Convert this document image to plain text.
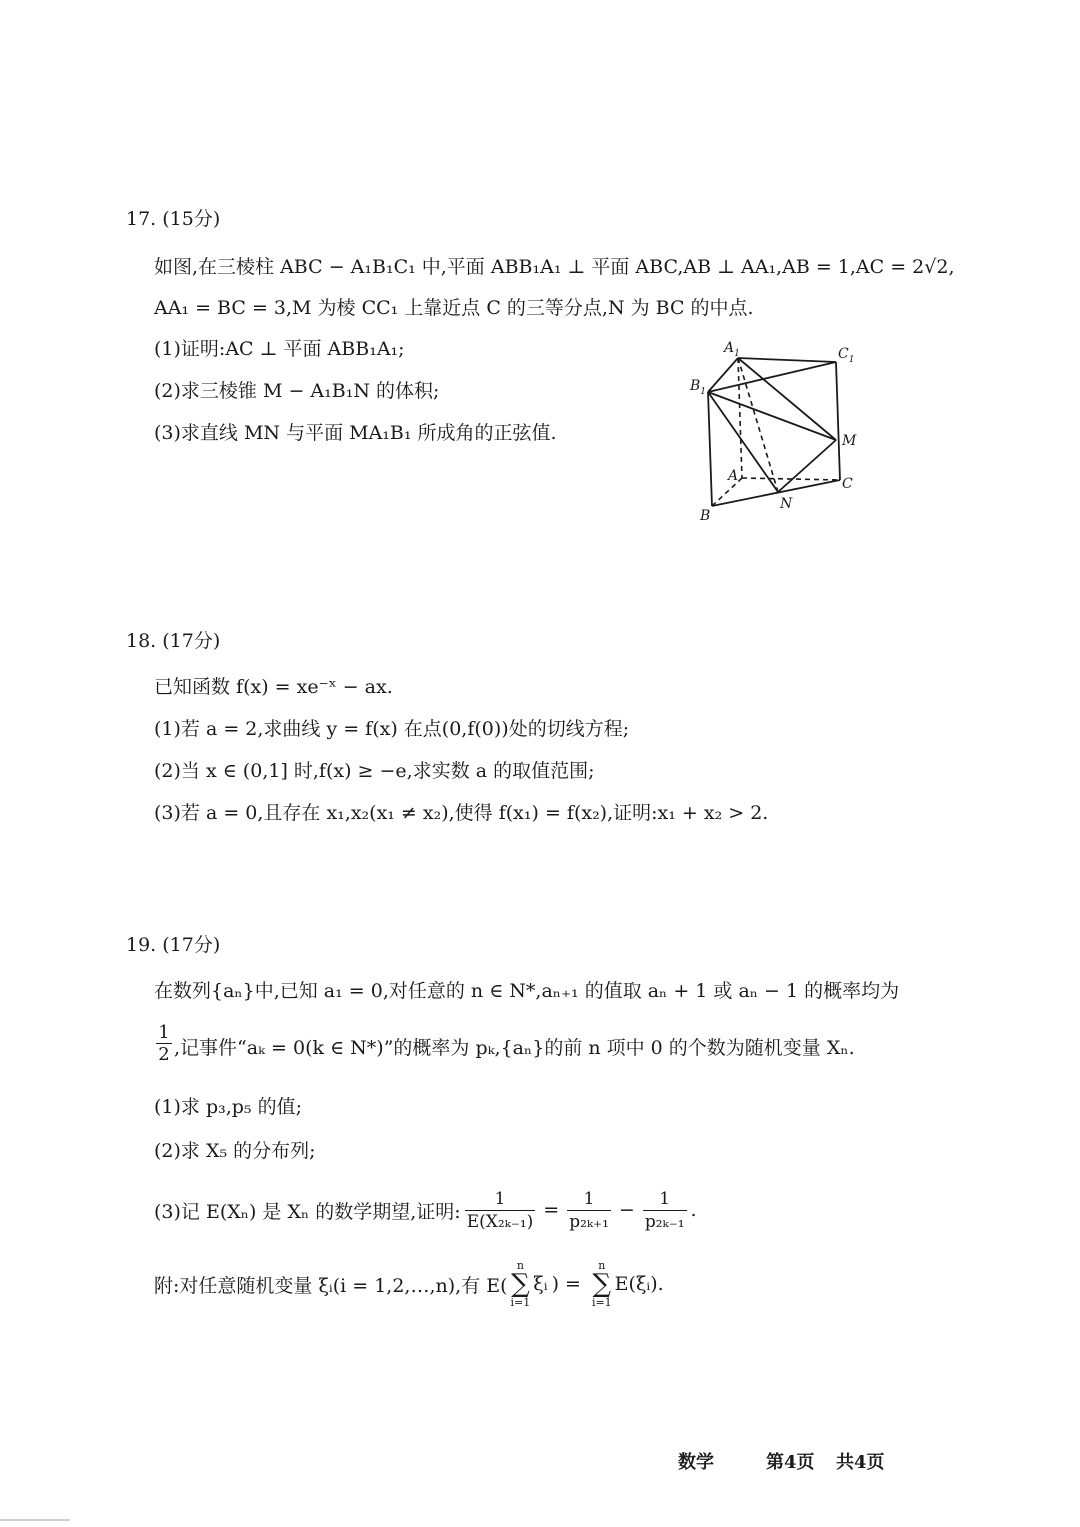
17. (15分)
如图,在三棱柱 ABC − A₁B₁C₁ 中,平面 ABB₁A₁ ⊥ 平面 ABC,AB ⊥ AA₁,AB = 1,AC = 2√2,
AA₁ = BC = 3,M 为棱 CC₁ 上靠近点 C 的三等分点,N 为 BC 的中点.
(1)证明:AC ⊥ 平面 ABB₁A₁;
(2)求三棱锥 M − A₁B₁N 的体积;
(3)求直线 MN 与平面 MA₁B₁ 所成角的正弦值.
$A_1$	$C_1$
$B_1$
M
A	C
N
B
18. (17分)
已知函数 f(x) = xe⁻ˣ − ax.
(1)若 a = 2,求曲线 y = f(x) 在点(0,f(0))处的切线方程;
(2)当 x ∈ (0,1] 时,f(x) ≥ −e,求实数 a 的取值范围;
(3)若 a = 0,且存在 x₁,x₂(x₁ ≠ x₂),使得 f(x₁) = f(x₂),证明:x₁ + x₂ > 2.
19. (17分)
在数列{aₙ}中,已知 a₁ = 0,对任意的 n ∈ N*,aₙ₊₁ 的值取 aₙ + 1 或 aₙ − 1 的概率均为
1
2 ,记事件“aₖ = 0(k ∈ N*)”的概率为 pₖ,{aₙ}的前 n 项中 0 的个数为随机变量 Xₙ.
(1)求 p₃,p₅ 的值;
(2)求 X₅ 的分布列;
(3)记 E(Xₙ) 是 Xₙ 的数学期望,证明:
1
E(X₂ₖ₋₁)
=
1
p₂ₖ₊₁
−
1
p₂ₖ₋₁
.
附:对任意随机变量 ξᵢ(i = 1,2,…,n),有 E(
n
∑
i=1
ξᵢ ) =
n
∑
i=1
E(ξᵢ).
数学	第4页 共4页
